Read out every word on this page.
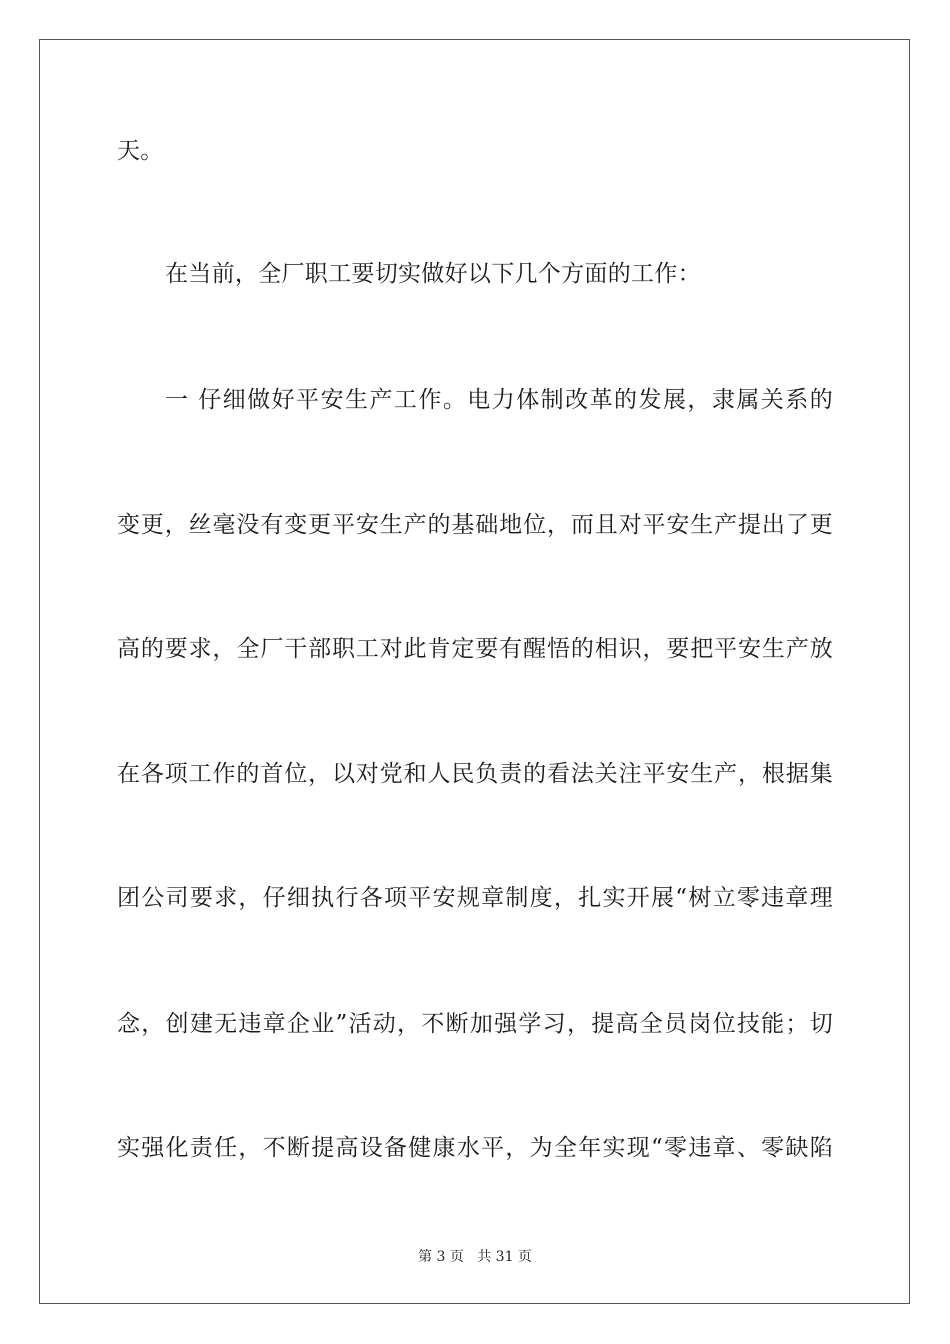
天。
在当前，全厂职工要切实做好以下几个方面的工作：
一 仔细做好平安生产工作。电力体制改革的发展，隶属关系的
变更，丝毫没有变更平安生产的基础地位，而且对平安生产提出了更
高的要求，全厂干部职工对此肯定要有醒悟的相识，要把平安生产放
在各项工作的首位，以对党和人民负责的看法关注平安生产，根据集
团公司要求，仔细执行各项平安规章制度，扎实开展“树立零违章理
念，创建无违章企业”活动，不断加强学习，提高全员岗位技能；切
实强化责任，不断提高设备健康水平，为全年实现“零违章、零缺陷
第 3 页   共 31 页
